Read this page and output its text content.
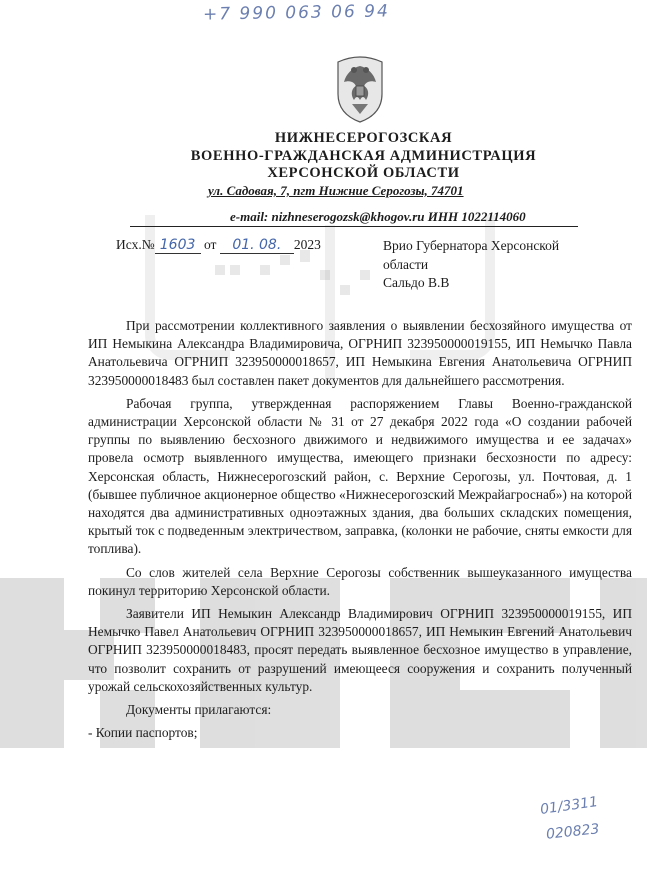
+7 990 063 06 94
НИЖНЕСЕРОГОЗСКАЯ
ВОЕННО-ГРАЖДАНСКАЯ АДМИНИСТРАЦИЯ
ХЕРСОНСКОЙ ОБЛАСТИ
ул. Садовая, 7, пгт Нижние Серогозы, 74701
e-mail: nizhneserogozsk@khogov.ru ИНН 1022114060
Исх.№ 1603 от 01. 08. 2023	Врио Губернатора Херсонской
области
Сальдо В.В

При рассмотрении коллективного заявления о выявлении бесхозяйного имущества от ИП Немыкина Александра Владимировича, ОГРНИП 323950000019155, ИП Немычко Павла Анатольевича ОГРНИП 323950000018657, ИП Немыкина Евгения Анатольевича ОГРНИП 323950000018483 был составлен пакет документов для дальнейшего рассмотрения.

Рабочая группа, утвержденная распоряжением Главы Военно-гражданской администрации Херсонской области № 31 от 27 декабря 2022 года «О создании рабочей группы по выявлению бесхозного движимого и недвижимого имущества и ее задачах» провела осмотр выявленного имущества, имеющего признаки бесхозности по адресу: Херсонская область, Нижнесерогозский район, с. Верхние Серогозы, ул. Почтовая, д. 1 (бывшее публичное акционерное общество «Нижнесерогозский Межрайагроснаб») на которой находятся два административных одноэтажных здания, два больших складских помещения, крытый ток с подведенным электричеством, заправка, (колонки не рабочие, сняты емкости для топлива).

Со слов жителей села Верхние Серогозы собственник вышеуказанного имущества покинул территорию Херсонской области.

Заявители ИП Немыкин Александр Владимирович ОГРНИП 323950000019155, ИП Немычко Павел Анатольевич ОГРНИП 323950000018657, ИП Немыкин Евгений Анатольевич ОГРНИП 323950000018483, просят передать выявленное бесхозное имущество в управление, что позволит сохранить от разрушений имеющееся сооружения и сохранить полученный урожай сельскохозяйственных культур.

Документы прилагаются:

- Копии паспортов;

01/3311
020823
